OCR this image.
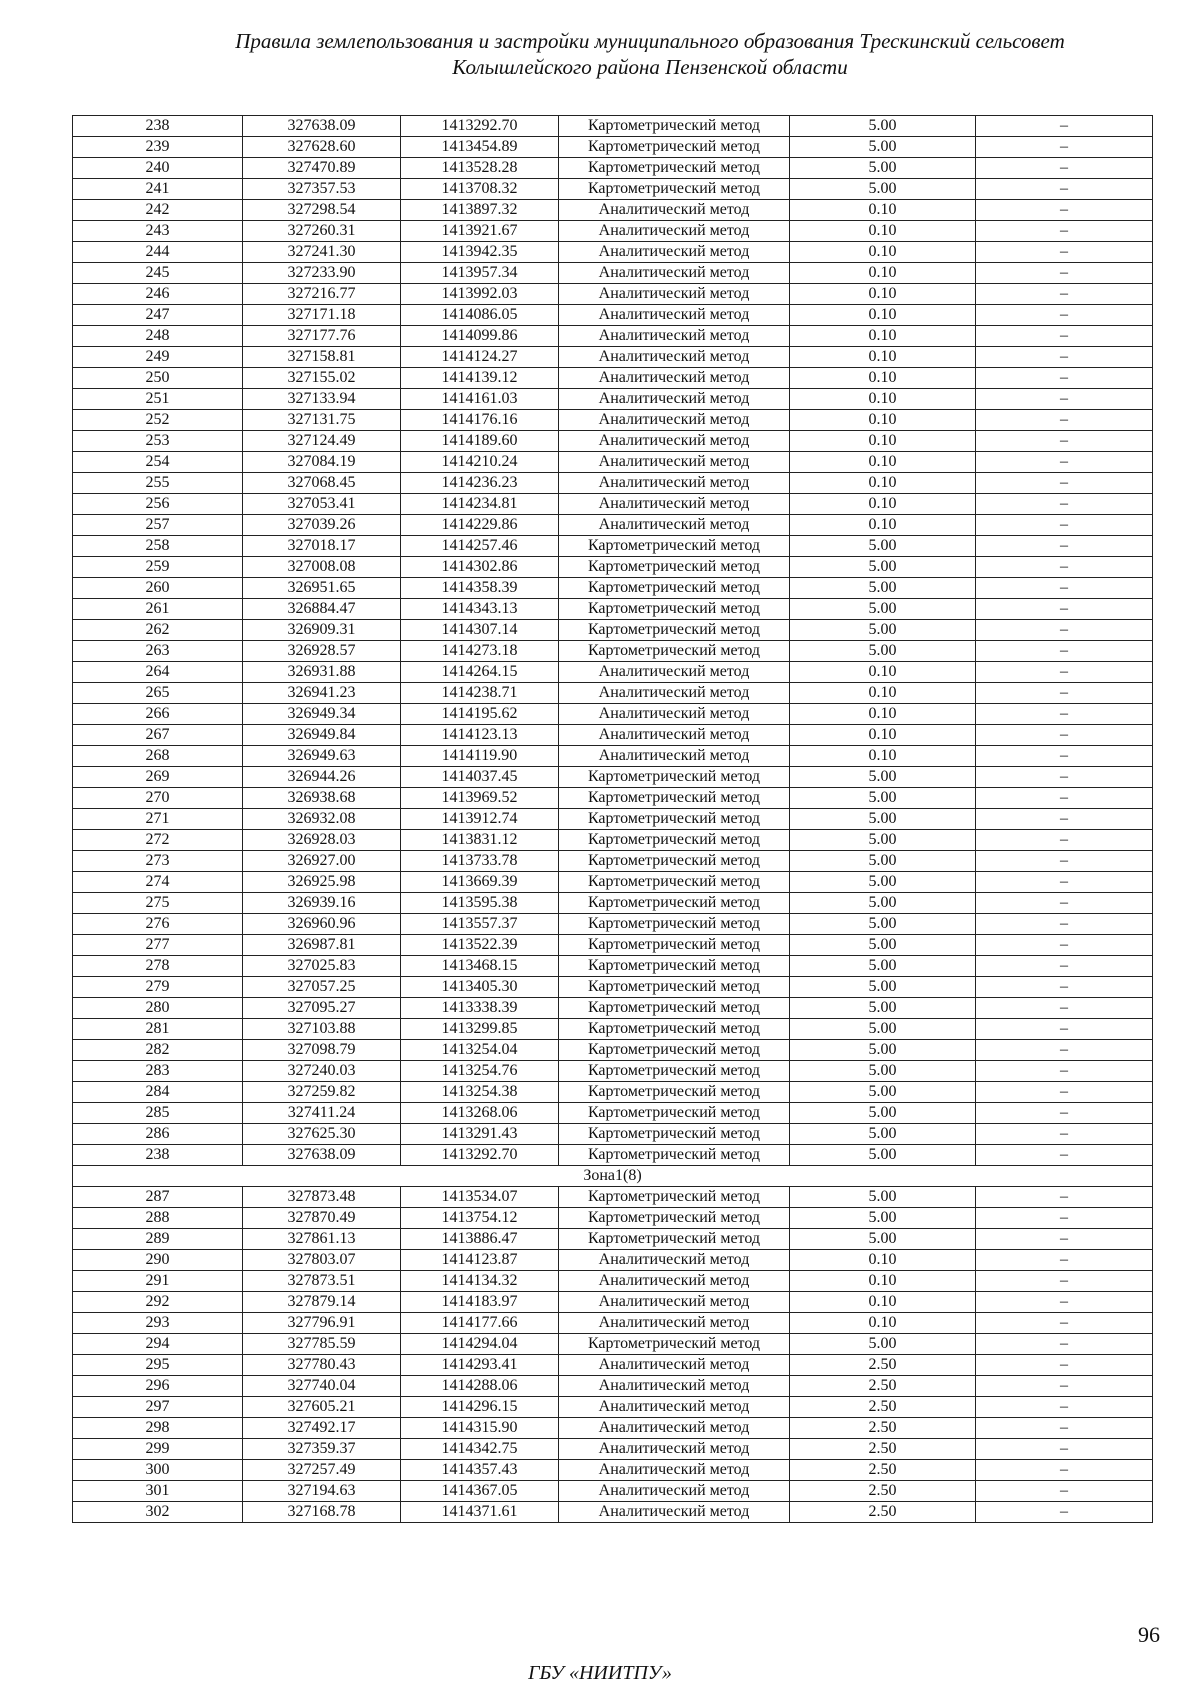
Правила землепользования и застройки муниципального образования Трескинский сельсовет
Колышлейского района Пензенской области
238	327638.09	1413292.70	Картометрический метод	5.00	–
239	327628.60	1413454.89	Картометрический метод	5.00	–
240	327470.89	1413528.28	Картометрический метод	5.00	–
241	327357.53	1413708.32	Картометрический метод	5.00	–
242	327298.54	1413897.32	Аналитический метод	0.10	–
243	327260.31	1413921.67	Аналитический метод	0.10	–
244	327241.30	1413942.35	Аналитический метод	0.10	–
245	327233.90	1413957.34	Аналитический метод	0.10	–
246	327216.77	1413992.03	Аналитический метод	0.10	–
247	327171.18	1414086.05	Аналитический метод	0.10	–
248	327177.76	1414099.86	Аналитический метод	0.10	–
249	327158.81	1414124.27	Аналитический метод	0.10	–
250	327155.02	1414139.12	Аналитический метод	0.10	–
251	327133.94	1414161.03	Аналитический метод	0.10	–
252	327131.75	1414176.16	Аналитический метод	0.10	–
253	327124.49	1414189.60	Аналитический метод	0.10	–
254	327084.19	1414210.24	Аналитический метод	0.10	–
255	327068.45	1414236.23	Аналитический метод	0.10	–
256	327053.41	1414234.81	Аналитический метод	0.10	–
257	327039.26	1414229.86	Аналитический метод	0.10	–
258	327018.17	1414257.46	Картометрический метод	5.00	–
259	327008.08	1414302.86	Картометрический метод	5.00	–
260	326951.65	1414358.39	Картометрический метод	5.00	–
261	326884.47	1414343.13	Картометрический метод	5.00	–
262	326909.31	1414307.14	Картометрический метод	5.00	–
263	326928.57	1414273.18	Картометрический метод	5.00	–
264	326931.88	1414264.15	Аналитический метод	0.10	–
265	326941.23	1414238.71	Аналитический метод	0.10	–
266	326949.34	1414195.62	Аналитический метод	0.10	–
267	326949.84	1414123.13	Аналитический метод	0.10	–
268	326949.63	1414119.90	Аналитический метод	0.10	–
269	326944.26	1414037.45	Картометрический метод	5.00	–
270	326938.68	1413969.52	Картометрический метод	5.00	–
271	326932.08	1413912.74	Картометрический метод	5.00	–
272	326928.03	1413831.12	Картометрический метод	5.00	–
273	326927.00	1413733.78	Картометрический метод	5.00	–
274	326925.98	1413669.39	Картометрический метод	5.00	–
275	326939.16	1413595.38	Картометрический метод	5.00	–
276	326960.96	1413557.37	Картометрический метод	5.00	–
277	326987.81	1413522.39	Картометрический метод	5.00	–
278	327025.83	1413468.15	Картометрический метод	5.00	–
279	327057.25	1413405.30	Картометрический метод	5.00	–
280	327095.27	1413338.39	Картометрический метод	5.00	–
281	327103.88	1413299.85	Картометрический метод	5.00	–
282	327098.79	1413254.04	Картометрический метод	5.00	–
283	327240.03	1413254.76	Картометрический метод	5.00	–
284	327259.82	1413254.38	Картометрический метод	5.00	–
285	327411.24	1413268.06	Картометрический метод	5.00	–
286	327625.30	1413291.43	Картометрический метод	5.00	–
238	327638.09	1413292.70	Картометрический метод	5.00	–
Зона1(8)					
287	327873.48	1413534.07	Картометрический метод	5.00	–
288	327870.49	1413754.12	Картометрический метод	5.00	–
289	327861.13	1413886.47	Картометрический метод	5.00	–
290	327803.07	1414123.87	Аналитический метод	0.10	–
291	327873.51	1414134.32	Аналитический метод	0.10	–
292	327879.14	1414183.97	Аналитический метод	0.10	–
293	327796.91	1414177.66	Аналитический метод	0.10	–
294	327785.59	1414294.04	Картометрический метод	5.00	–
295	327780.43	1414293.41	Аналитический метод	2.50	–
296	327740.04	1414288.06	Аналитический метод	2.50	–
297	327605.21	1414296.15	Аналитический метод	2.50	–
298	327492.17	1414315.90	Аналитический метод	2.50	–
299	327359.37	1414342.75	Аналитический метод	2.50	–
300	327257.49	1414357.43	Аналитический метод	2.50	–
301	327194.63	1414367.05	Аналитический метод	2.50	–
302	327168.78	1414371.61	Аналитический метод	2.50	–
96
ГБУ «НИИТПУ»
